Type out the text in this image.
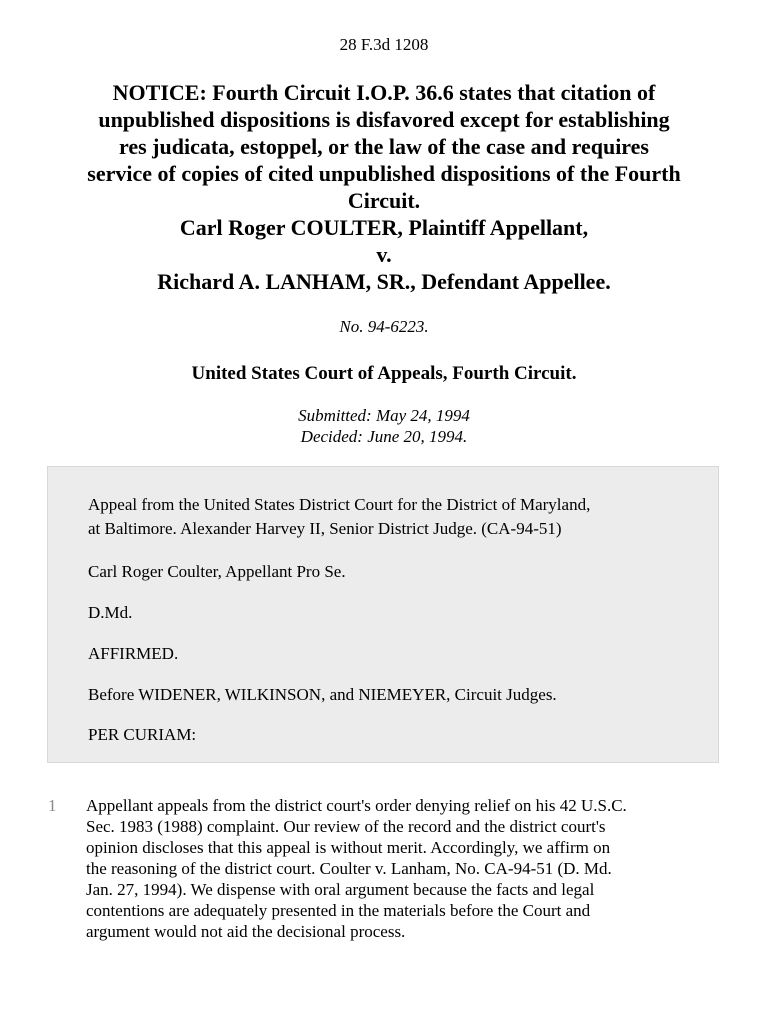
28 F.3d 1208
NOTICE: Fourth Circuit I.O.P. 36.6 states that citation of
unpublished dispositions is disfavored except for establishing
res judicata, estoppel, or the law of the case and requires
service of copies of cited unpublished dispositions of the Fourth
Circuit.
Carl Roger COULTER, Plaintiff Appellant,
v.
Richard A. LANHAM, SR., Defendant Appellee.
No. 94-6223.
United States Court of Appeals, Fourth Circuit.
Submitted: May 24, 1994
Decided: June 20, 1994.
Appeal from the United States District Court for the District of Maryland,
at Baltimore. Alexander Harvey II, Senior District Judge. (CA-94-51)
Carl Roger Coulter, Appellant Pro Se.
D.Md.
AFFIRMED.
Before WIDENER, WILKINSON, and NIEMEYER, Circuit Judges.
PER CURIAM:
1 Appellant appeals from the district court's order denying relief on his 42 U.S.C.
Sec. 1983 (1988) complaint. Our review of the record and the district court's
opinion discloses that this appeal is without merit. Accordingly, we affirm on
the reasoning of the district court. Coulter v. Lanham, No. CA-94-51 (D. Md.
Jan. 27, 1994). We dispense with oral argument because the facts and legal
contentions are adequately presented in the materials before the Court and
argument would not aid the decisional process.
